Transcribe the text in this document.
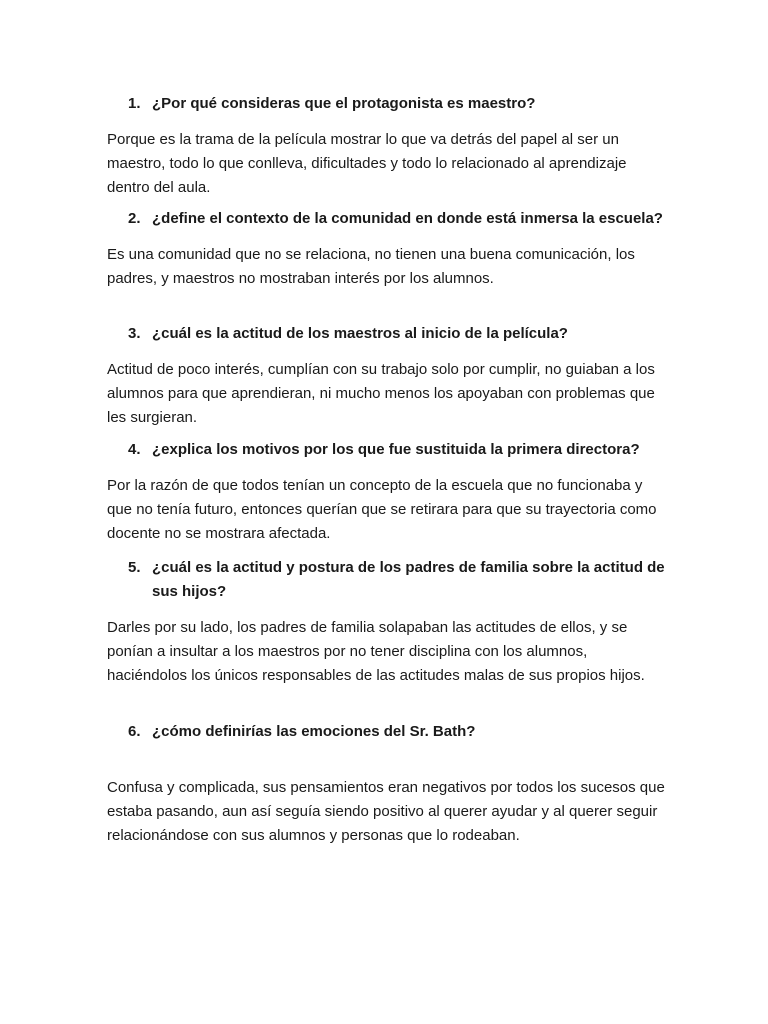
1. ¿Por qué consideras que el protagonista es maestro?
Porque es la trama de la película mostrar lo que va detrás del papel al ser un maestro, todo lo que conlleva, dificultades y todo lo relacionado al aprendizaje dentro del aula.
2. ¿define el contexto de la comunidad en donde está inmersa la escuela?
Es una comunidad que no se relaciona, no tienen una buena comunicación, los padres, y maestros no mostraban interés por los alumnos.
3. ¿cuál es la actitud de los maestros al inicio de la película?
Actitud de poco interés, cumplían con su trabajo solo por cumplir, no guiaban a los alumnos para que aprendieran, ni mucho menos los apoyaban con problemas que les surgieran.
4. ¿explica los motivos por los que fue sustituida la primera directora?
Por la razón de que todos tenían un concepto de la escuela que no funcionaba y que no tenía futuro, entonces querían que se retirara para que su trayectoria como docente no se mostrara afectada.
5. ¿cuál es la actitud y postura de los padres de familia sobre la actitud de sus hijos?
Darles por su lado, los padres de familia solapaban las actitudes de ellos, y se ponían a insultar a los maestros por no tener disciplina con los alumnos, haciéndolos los únicos responsables de las actitudes malas de sus propios hijos.
6. ¿cómo definirías las emociones del Sr. Bath?
Confusa y complicada, sus pensamientos eran negativos por todos los sucesos que estaba pasando, aun así seguía siendo positivo al querer ayudar y al querer seguir relacionándose con sus alumnos y personas que lo rodeaban.
